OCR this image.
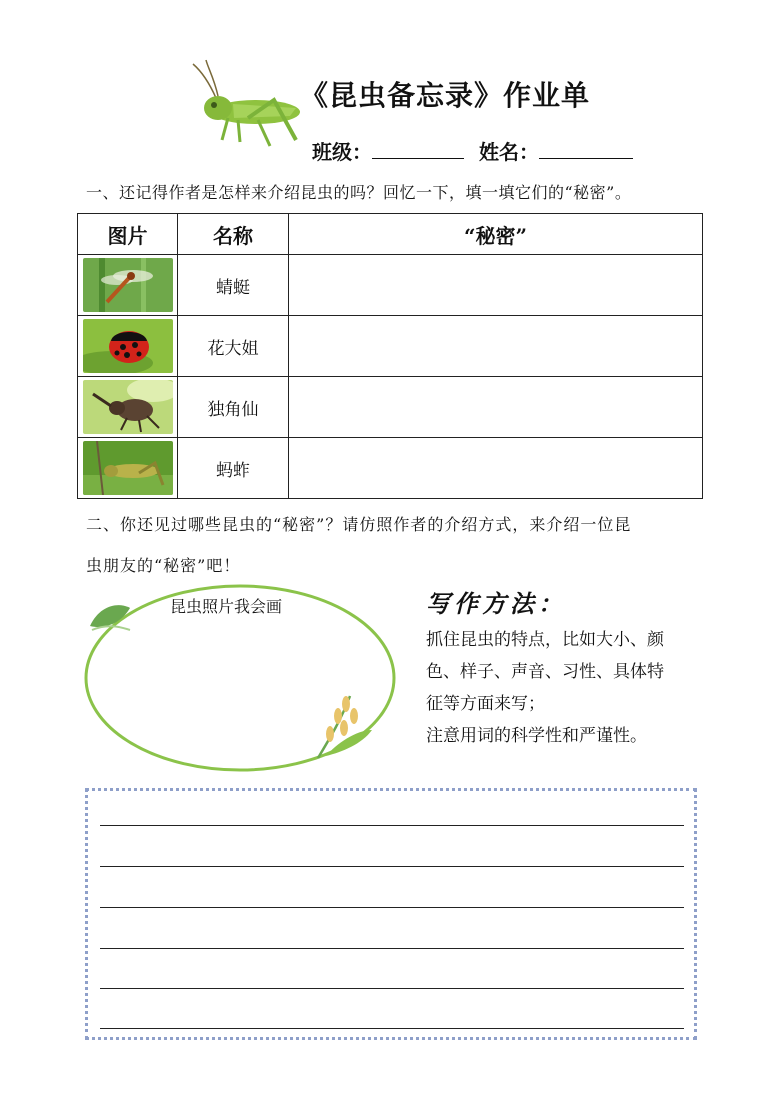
《昆虫备忘录》作业单
班级：	姓名：
一、还记得作者是怎样来介绍昆虫的吗？回忆一下，填一填它们的“秘密”。
图片	名称	“秘密”

	蜻蜓	

	花大姐	

	独角仙	

	蚂蚱	
二、你还见过哪些昆虫的“秘密”？请仿照作者的介绍方式，来介绍一位昆
虫朋友的“秘密”吧！
昆虫照片我会画	写作方法：
抓住昆虫的特点，比如大小、颜
色、样子、声音、习性、具体特
征等方面来写；
注意用词的科学性和严谨性。
